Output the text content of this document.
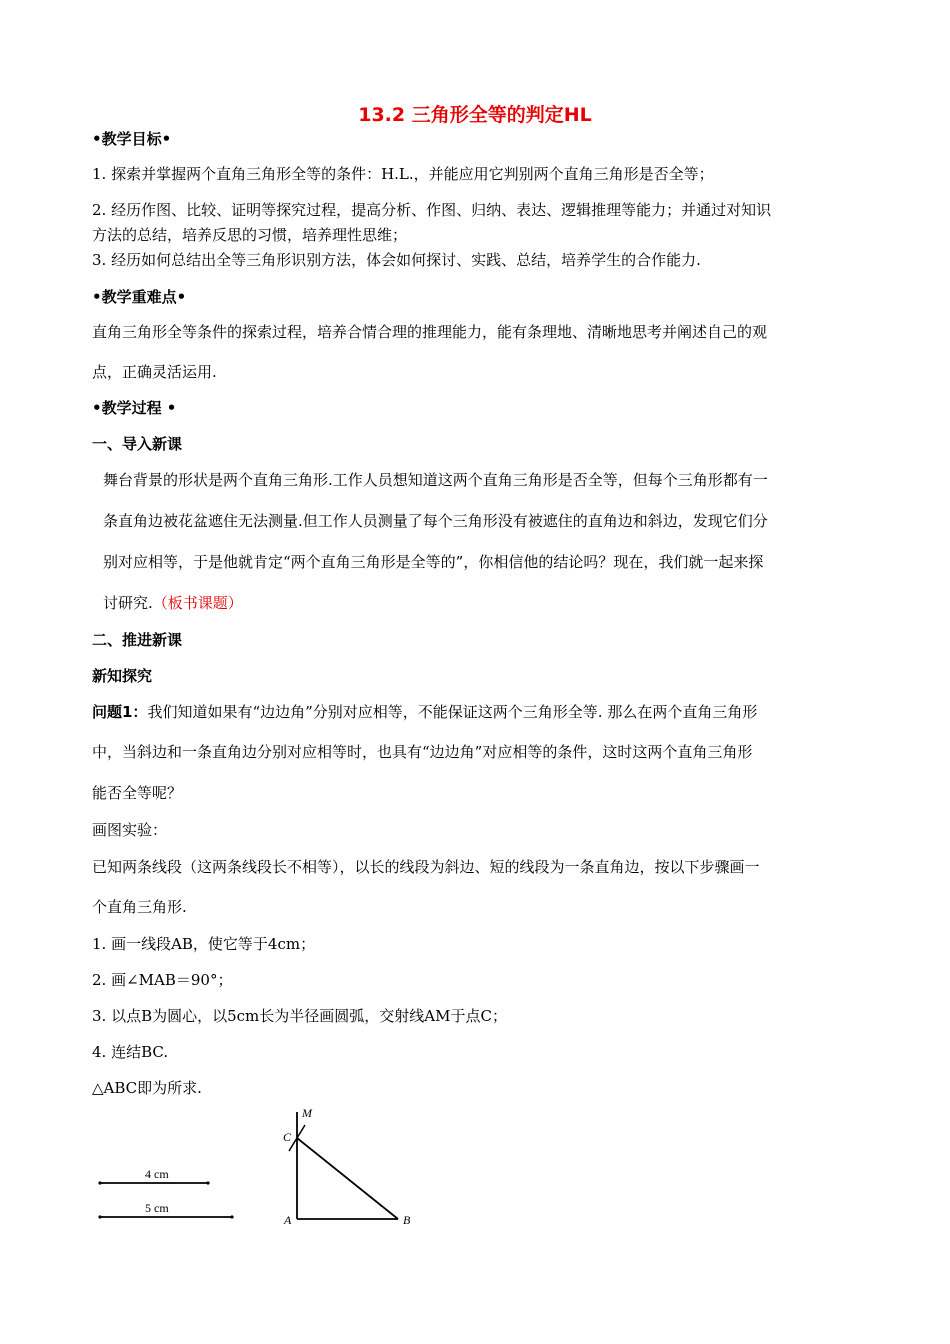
13.2 三角形全等的判定HL
•教学目标•
1. 探索并掌握两个直角三角形全等的条件：H.L.，并能应用它判别两个直角三角形是否全等；
2. 经历作图、比较、证明等探究过程，提高分析、作图、归纳、表达、逻辑推理等能力；并通过对知识
方法的总结，培养反思的习惯，培养理性思维；
3. 经历如何总结出全等三角形识别方法，体会如何探讨、实践、总结，培养学生的合作能力.
•教学重难点•
直角三角形全等条件的探索过程，培养合情合理的推理能力，能有条理地、清晰地思考并阐述自己的观
点，正确灵活运用.
•教学过程 •
一、导入新课
舞台背景的形状是两个直角三角形.工作人员想知道这两个直角三角形是否全等，但每个三角形都有一
条直角边被花盆遮住无法测量.但工作人员测量了每个三角形没有被遮住的直角边和斜边，发现它们分
别对应相等，于是他就肯定“两个直角三角形是全等的”，你相信他的结论吗？现在，我们就一起来探
讨研究.（板书课题）
二、推进新课
新知探究
问题1：我们知道如果有“边边角”分别对应相等，不能保证这两个三角形全等. 那么在两个直角三角形
中，当斜边和一条直角边分别对应相等时，也具有“边边角”对应相等的条件，这时这两个直角三角形
能否全等呢？
画图实验：
已知两条线段（这两条线段长不相等），以长的线段为斜边、短的线段为一条直角边，按以下步骤画一
个直角三角形.
1. 画一线段AB，使它等于4cm；
2. 画∠MAB＝90°；
3. 以点B为圆心，以5cm长为半径画圆弧，交射线AM于点C；
4. 连结BC.
△ABC即为所求.
4 cm
5 cm
M
C
A	B
